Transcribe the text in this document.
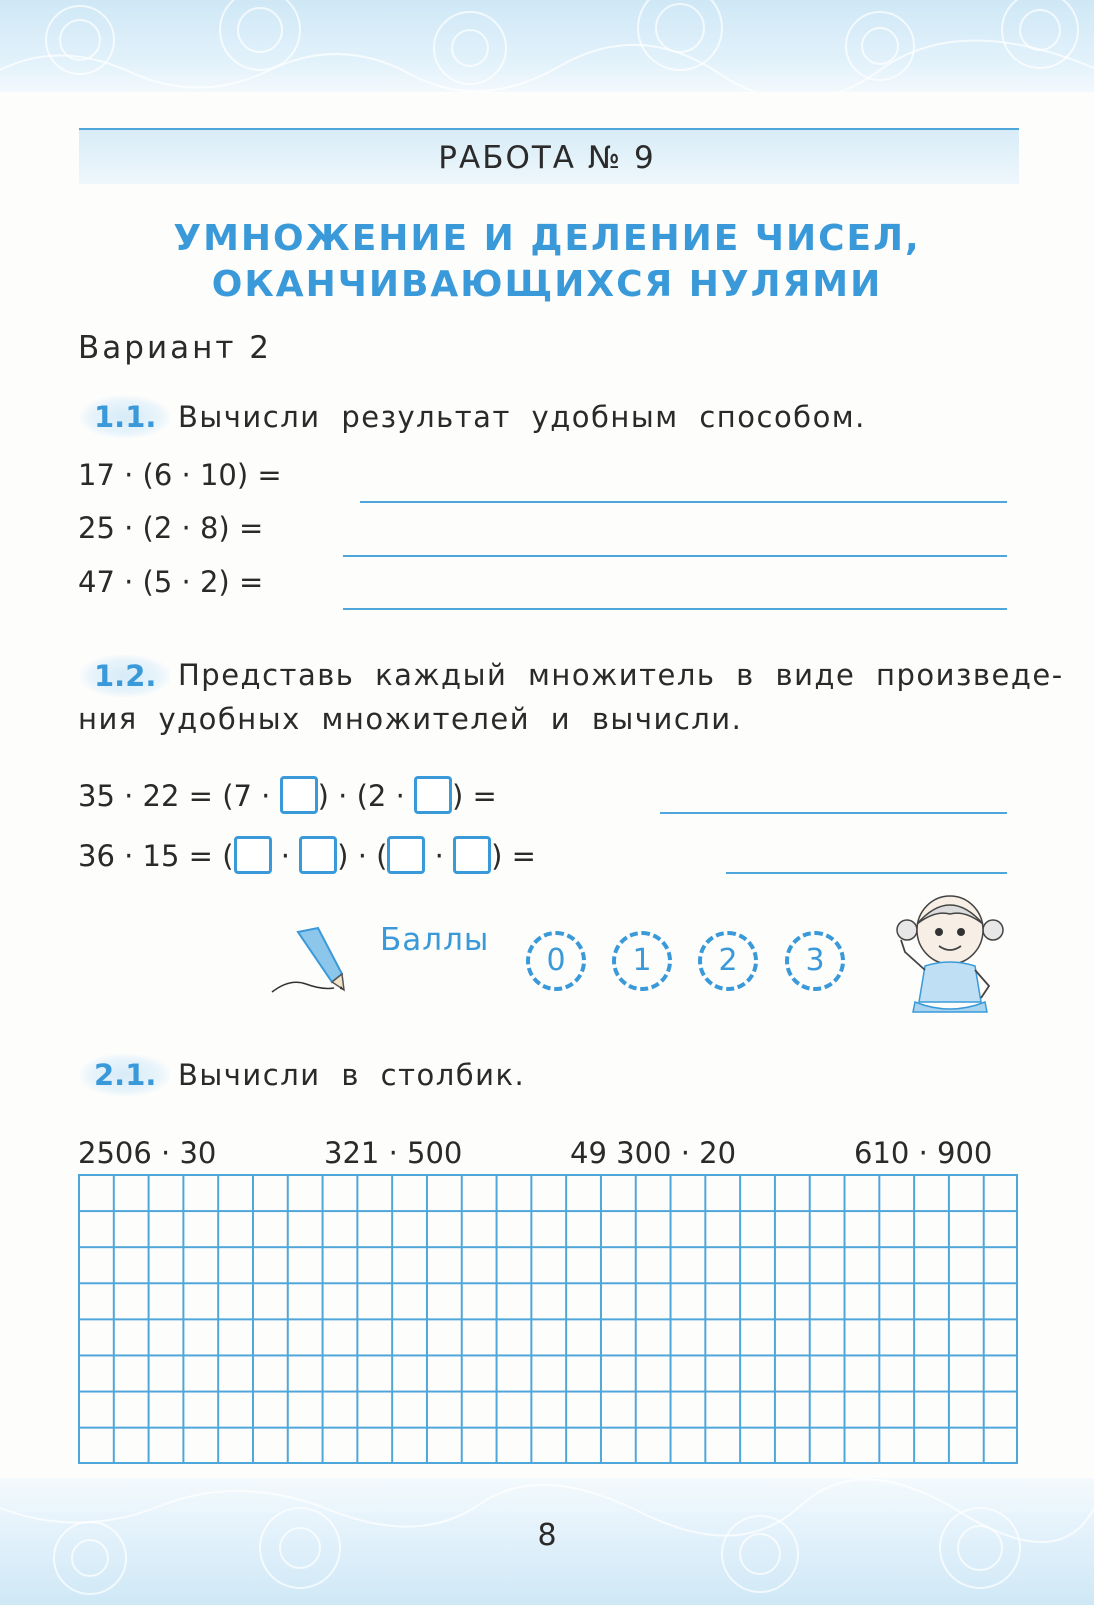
РАБОТА № 9
УМНОЖЕНИЕ И ДЕЛЕНИЕ ЧИСЕЛ,
ОКАНЧИВАЮЩИХСЯ НУЛЯМИ
Вариант 2
1.1. Вычисли результат удобным способом.
17 · (6 · 10) =
25 · (2 · 8) =
47 · (5 · 2) =
1.2. Представь каждый множитель в виде произведе-
ния удобных множителей и вычисли.
35 · 22 = (7 · ) · (2 · ) =
36 · 15 = ( · ) · ( · ) =
Баллы
0	1	2	3
2.1. Вычисли в столбик.
2506 · 30	321 · 500	49 300 · 20	610 · 900
8
